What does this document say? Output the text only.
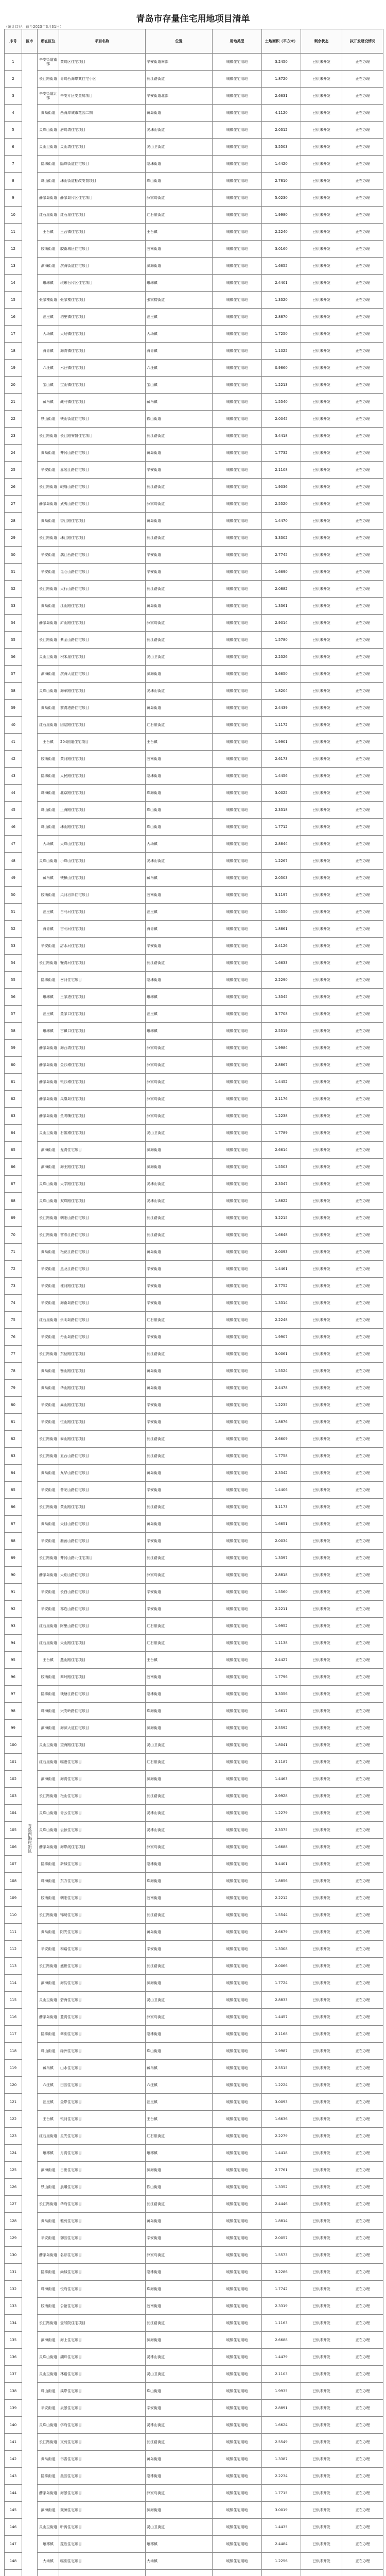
青岛市存量住宅用地项目清单
（统计口径：截至2023年3月31日）
序号	区市	所在区位	项目名称	位置	用地类型	土地面积（平方米）	剩余状态	拟开发建设情况
1	青岛西海岸新区	辛安街道南部	黄岛区住宅项目	辛安街道南部	城镇住宅用地	3.2450	已供未开发	正在办理
2		长江路街道	青岛西海岸某住宅小区	长江路街道	城镇住宅用地	1.8720	已供未开发	正在办理
3		辛安街道北部	辛安片区安置房项目	辛安街道北部	城镇住宅用地	2.6631	已供未开发	正在办理
4		黄岛街道	西海岸城市花园二期	黄岛街道	城镇住宅用地	4.1120	已供未开发	正在办理
5		灵珠山街道	唐岛湾住宅项目	灵珠山街道	城镇住宅用地	2.0312	已供未开发	正在办理
6		灵山卫街道	灵山湾住宅项目	灵山卫街道	城镇住宅用地	3.5503	已供未开发	正在办理
7		隐珠街道	隐珠街道住宅项目	隐珠街道	城镇住宅用地	1.4420	已供未开发	正在办理
8		珠山街道	珠山街道棚改安置项目	珠山街道	城镇住宅用地	2.7810	已供未开发	正在办理
9		薛家岛街道	薛家岛片区住宅项目	薛家岛街道	城镇住宅用地	5.0230	已供未开发	正在办理
10		红石崖街道	红石崖住宅项目	红石崖街道	城镇住宅用地	1.9980	已供未开发	正在办理
11		王台镇	王台镇住宅项目	王台镇	城镇住宅用地	2.2240	已供未开发	正在办理
12		胶南街道	胶南城区住宅项目	胶南街道	城镇住宅用地	3.0160	已供未开发	正在办理
13		滨海街道	滨海街道住宅项目	滨海街道	城镇住宅用地	1.6655	已供未开发	正在办理
14		琅琊镇	琅琊台片区住宅项目	琅琊镇	城镇住宅用地	2.4401	已供未开发	正在办理
15		张家楼街道	张家楼住宅项目	张家楼街道	城镇住宅用地	1.3320	已供未开发	正在办理
16		泊里镇	泊里镇住宅项目	泊里镇	城镇住宅用地	2.8870	已供未开发	正在办理
17		大场镇	大场镇住宅项目	大场镇	城镇住宅用地	1.7250	已供未开发	正在办理
18		海青镇	海青镇住宅项目	海青镇	城镇住宅用地	1.1025	已供未开发	正在办理
19		六汪镇	六汪镇住宅项目	六汪镇	城镇住宅用地	0.9860	已供未开发	正在办理
20		宝山镇	宝山镇住宅项目	宝山镇	城镇住宅用地	1.2213	已供未开发	正在办理
21		藏马镇	藏马镇住宅项目	藏马镇	城镇住宅用地	1.5540	已供未开发	正在办理
22		铁山街道	铁山街道住宅项目	铁山街道	城镇住宅用地	2.0045	已供未开发	正在办理
23		长江路街道	长江路安置住宅项目	长江路街道	城镇住宅用地	3.4418	已供未开发	正在办理
24		黄岛街道	井冈山路住宅项目	黄岛街道	城镇住宅用地	1.7732	已供未开发	正在办理
25		辛安街道	嘉陵江路住宅项目	辛安街道	城镇住宅用地	2.1108	已供未开发	正在办理
26		长江路街道	峨眉山路住宅项目	长江路街道	城镇住宅用地	1.9036	已供未开发	正在办理
27		薛家岛街道	武夷山路住宅项目	薛家岛街道	城镇住宅用地	2.5520	已供未开发	正在办理
28		黄岛街道	香江路住宅项目	黄岛街道	城镇住宅用地	1.4470	已供未开发	正在办理
29		长江路街道	珠江路住宅项目	长江路街道	城镇住宅用地	3.3302	已供未开发	正在办理
30		辛安街道	漓江西路住宅项目	辛安街道	城镇住宅用地	2.7745	已供未开发	正在办理
31		辛安街道	昆仑山路住宅项目	辛安街道	城镇住宅用地	1.6690	已供未开发	正在办理
32		长江路街道	太行山路住宅项目	长江路街道	城镇住宅用地	2.0882	已供未开发	正在办理
33		黄岛街道	江山路住宅项目	黄岛街道	城镇住宅用地	1.3361	已供未开发	正在办理
34		薛家岛街道	庐山路住宅项目	薛家岛街道	城镇住宅用地	2.9014	已供未开发	正在办理
35		长江路街道	紫金山路住宅项目	长江路街道	城镇住宅用地	1.5780	已供未开发	正在办理
36		灵山卫街道	积米崖住宅项目	灵山卫街道	城镇住宅用地	2.2326	已供未开发	正在办理
37		滨海街道	滨海大道住宅项目	滨海街道	城镇住宅用地	3.6650	已供未开发	正在办理
38		灵珠山街道	海军路住宅项目	灵珠山街道	城镇住宅用地	1.8204	已供未开发	正在办理
39		黄岛街道	前湾港路住宅项目	黄岛街道	城镇住宅用地	2.4439	已供未开发	正在办理
40		红石崖街道	团结路住宅项目	红石崖街道	城镇住宅用地	1.1172	已供未开发	正在办理
41		王台镇	204国道住宅项目	王台镇	城镇住宅用地	1.9901	已供未开发	正在办理
42		胶南街道	黄河路住宅项目	胶南街道	城镇住宅用地	2.6173	已供未开发	正在办理
43		隐珠街道	人民路住宅项目	隐珠街道	城镇住宅用地	1.4456	已供未开发	正在办理
44		珠海街道	北京路住宅项目	珠海街道	城镇住宅用地	3.0025	已供未开发	正在办理
45		珠山街道	上海路住宅项目	珠山街道	城镇住宅用地	2.3318	已供未开发	正在办理
46		珠山街道	珠山路住宅项目	珠山街道	城镇住宅用地	1.7712	已供未开发	正在办理
47		大场镇	大珠山住宅项目	大场镇	城镇住宅用地	2.8844	已供未开发	正在办理
48		灵珠山街道	小珠山住宅项目	灵珠山街道	城镇住宅用地	1.2267	已供未开发	正在办理
49		藏马镇	铁橛山住宅项目	藏马镇	城镇住宅用地	2.0503	已供未开发	正在办理
50		胶南街道	风河沿岸住宅项目	胶南街道	城镇住宅用地	3.1197	已供未开发	正在办理
51		泊里镇	白马河住宅项目	泊里镇	城镇住宅用地	1.5550	已供未开发	正在办理
52		海青镇	吉利河住宅项目	海青镇	城镇住宅用地	1.8861	已供未开发	正在办理
53		辛安街道	甜水河住宅项目	辛安街道	城镇住宅用地	2.4126	已供未开发	正在办理
54		长江路街道	镰湾河住宅项目	长江路街道	城镇住宅用地	1.6633	已供未开发	正在办理
55		隐珠街道	岔河住宅项目	隐珠街道	城镇住宅用地	2.2290	已供未开发	正在办理
56		琅琊镇	王家港住宅项目	琅琊镇	城镇住宅用地	1.3345	已供未开发	正在办理
57		泊里镇	董家口住宅项目	泊里镇	城镇住宅用地	3.7708	已供未开发	正在办理
58		琅琊镇	古镇口住宅项目	琅琊镇	城镇住宅用地	2.5519	已供未开发	正在办理
59		薛家岛街道	海西湾住宅项目	薛家岛街道	城镇住宅用地	1.9984	已供未开发	正在办理
60		薛家岛街道	金沙滩住宅项目	薛家岛街道	城镇住宅用地	2.8867	已供未开发	正在办理
61		薛家岛街道	银沙滩住宅项目	薛家岛街道	城镇住宅用地	1.4452	已供未开发	正在办理
62		薛家岛街道	凤凰岛住宅项目	薛家岛街道	城镇住宅用地	2.1176	已供未开发	正在办理
63		薛家岛街道	鱼鸣嘴住宅项目	薛家岛街道	城镇住宅用地	1.2238	已供未开发	正在办理
64		灵山卫街道	石雀滩住宅项目	灵山卫街道	城镇住宅用地	1.7789	已供未开发	正在办理
65		滨海街道	龙湾住宅项目	滨海街道	城镇住宅用地	2.6614	已供未开发	正在办理
66		滨海街道	海王路住宅项目	滨海街道	城镇住宅用地	1.5503	已供未开发	正在办理
67		灵珠山街道	大学路住宅项目	灵珠山街道	城镇住宅用地	2.3347	已供未开发	正在办理
68		灵珠山街道	双珠路住宅项目	灵珠山街道	城镇住宅用地	1.8822	已供未开发	正在办理
69		长江路街道	朝阳山路住宅项目	长江路街道	城镇住宅用地	3.2215	已供未开发	正在办理
70		长江路街道	富春江路住宅项目	长江路街道	城镇住宅用地	1.6648	已供未开发	正在办理
71		黄岛街道	松花江路住宅项目	黄岛街道	城镇住宅用地	2.0093	已供未开发	正在办理
72		辛安街道	黑龙江路住宅项目	辛安街道	城镇住宅用地	1.4461	已供未开发	正在办理
73		辛安街道	淮河路住宅项目	辛安街道	城镇住宅用地	2.7752	已供未开发	正在办理
74		辛安街道	海南岛路住宅项目	辛安街道	城镇住宅用地	1.3314	已供未开发	正在办理
75		红石崖街道	崇明岛路住宅项目	红石崖街道	城镇住宅用地	2.2248	已供未开发	正在办理
76		辛安街道	舟山岛路住宅项目	辛安街道	城镇住宅用地	1.9907	已供未开发	正在办理
77		长江路街道	东岳路住宅项目	长江路街道	城镇住宅用地	3.0061	已供未开发	正在办理
78		黄岛街道	衡山路住宅项目	黄岛街道	城镇住宅用地	1.5524	已供未开发	正在办理
79		黄岛街道	华山路住宅项目	黄岛街道	城镇住宅用地	2.4478	已供未开发	正在办理
80		辛安街道	嵩山路住宅项目	辛安街道	城镇住宅用地	1.2235	已供未开发	正在办理
81		辛安街道	恒山路住宅项目	辛安街道	城镇住宅用地	1.8876	已供未开发	正在办理
82		长江路街道	泰山路住宅项目	长江路街道	城镇住宅用地	2.6609	已供未开发	正在办理
83		长江路街道	五台山路住宅项目	长江路街道	城镇住宅用地	1.7758	已供未开发	正在办理
84		黄岛街道	九华山路住宅项目	黄岛街道	城镇住宅用地	2.3342	已供未开发	正在办理
85		辛安街道	普陀山路住宅项目	辛安街道	城镇住宅用地	1.4406	已供未开发	正在办理
86		长江路街道	黄山路住宅项目	长江路街道	城镇住宅用地	3.1173	已供未开发	正在办理
87		黄岛街道	天目山路住宅项目	黄岛街道	城镇住宅用地	1.6651	已供未开发	正在办理
88		辛安街道	雁荡山路住宅项目	辛安街道	城镇住宅用地	2.0034	已供未开发	正在办理
89		长江路街道	井冈山路北住宅项目	长江路街道	城镇住宅用地	1.3397	已供未开发	正在办理
90		薛家岛街道	大别山路住宅项目	薛家岛街道	城镇住宅用地	2.8818	已供未开发	正在办理
91		辛安街道	长白山路住宅项目	辛安街道	城镇住宅用地	1.5560	已供未开发	正在办理
92		辛安街道	祁连山路住宅项目	辛安街道	城镇住宅用地	2.2211	已供未开发	正在办理
93		红石崖街道	阿里山路住宅项目	红石崖街道	城镇住宅用地	1.9952	已供未开发	正在办理
94		红石崖街道	天山路住宅项目	红石崖街道	城镇住宅用地	1.1138	已供未开发	正在办理
95		王台镇	燕山路住宅项目	王台镇	城镇住宅用地	2.4427	已供未开发	正在办理
96		胶南街道	秦岭路住宅项目	胶南街道	城镇住宅用地	1.7796	已供未开发	正在办理
97		隐珠街道	钱塘江路住宅项目	隐珠街道	城镇住宅用地	3.3356	已供未开发	正在办理
98		珠海街道	兴安岭路住宅项目	珠海街道	城镇住宅用地	1.6617	已供未开发	正在办理
99		滨海街道	海滨大道住宅项目	滨海街道	城镇住宅用地	2.5592	已供未开发	正在办理
100		灵山卫街道	望海路住宅项目	灵山卫街道	城镇住宅用地	1.8041	已供未开发	正在办理
101		红石崖街道	临港住宅项目	红石崖街道	城镇住宅用地	2.1187	已供未开发	正在办理
102		滨海街道	海湾住宅项目	滨海街道	城镇住宅用地	1.4463	已供未开发	正在办理
103		长江路街道	松山住宅项目	长江路街道	城镇住宅用地	2.9928	已供未开发	正在办理
104		灵珠山街道	青云住宅项目	灵珠山街道	城镇住宅用地	1.2279	已供未开发	正在办理
105		灵珠山街道	云顶住宅项目	灵珠山街道	城镇住宅用地	2.3375	已供未开发	正在办理
106		薛家岛街道	海岸线住宅项目	薛家岛街道	城镇住宅用地	1.6688	已供未开发	正在办理
107		隐珠街道	新城住宅项目	隐珠街道	城镇住宅用地	3.4401	已供未开发	正在办理
108		珠海街道	东方住宅项目	珠海街道	城镇住宅用地	1.8856	已供未开发	正在办理
109		胶南街道	朝阳住宅项目	胶南街道	城镇住宅用地	2.2212	已供未开发	正在办理
110		长江路街道	锦绣住宅项目	长江路街道	城镇住宅用地	1.5544	已供未开发	正在办理
111		黄岛街道	阳光住宅项目	黄岛街道	城镇住宅用地	2.6679	已供未开发	正在办理
112		辛安街道	和谐住宅项目	辛安街道	城镇住宅用地	1.3308	已供未开发	正在办理
113		长江路街道	盛世住宅项目	长江路街道	城镇住宅用地	2.0066	已供未开发	正在办理
114		滨海街道	海韵住宅项目	滨海街道	城镇住宅用地	1.7724	已供未开发	正在办理
115		灵山卫街道	碧海住宅项目	灵山卫街道	城镇住宅用地	2.8833	已供未开发	正在办理
116		薛家岛街道	蓝湾住宅项目	薛家岛街道	城镇住宅用地	1.4457	已供未开发	正在办理
117		隐珠街道	翠湖住宅项目	隐珠街道	城镇住宅用地	2.1168	已供未开发	正在办理
118		珠山街道	绿洲住宅项目	珠山街道	城镇住宅用地	1.9987	已供未开发	正在办理
119		藏马镇	山水住宅项目	藏马镇	城镇住宅用地	2.5515	已供未开发	正在办理
120		六汪镇	田园住宅项目	六汪镇	城镇住宅用地	1.2224	已供未开发	正在办理
121		泊里镇	金岸住宅项目	泊里镇	城镇住宅用地	3.0093	已供未开发	正在办理
122		王台镇	银河住宅项目	王台镇	城镇住宅用地	1.6636	已供未开发	正在办理
123		红石崖街道	星光住宅项目	红石崖街道	城镇住宅用地	2.2279	已供未开发	正在办理
124		琅琊镇	月湾住宅项目	琅琊镇	城镇住宅用地	1.4418	已供未开发	正在办理
125		滨海街道	日出住宅项目	滨海街道	城镇住宅用地	2.7761	已供未开发	正在办理
126		铁山街道	晨曦住宅项目	铁山街道	城镇住宅用地	1.3352	已供未开发	正在办理
127		长江路街道	华府住宅项目	长江路街道	城镇住宅用地	2.4446	已供未开发	正在办理
128		黄岛街道	雅苑住宅项目	黄岛街道	城镇住宅用地	1.8814	已供未开发	正在办理
129		辛安街道	御园住宅项目	辛安街道	城镇住宅用地	2.0057	已供未开发	正在办理
130		薛家岛街道	名邸住宅项目	薛家岛街道	城镇住宅用地	1.5573	已供未开发	正在办理
131		隐珠街道	尚城住宅项目	隐珠街道	城镇住宅用地	3.2286	已供未开发	正在办理
132		珠海街道	悦府住宅项目	珠海街道	城镇住宅用地	1.7742	已供未开发	正在办理
133		胶南街道	公馆住宅项目	胶南街道	城镇住宅用地	2.3319	已供未开发	正在办理
134		长江路街道	壹号院住宅项目	长江路街道	城镇住宅用地	1.1163	已供未开发	正在办理
135		滨海街道	海上住宅项目	滨海街道	城镇住宅用地	2.6688	已供未开发	正在办理
136		灵珠山街道	湖畔住宅项目	灵珠山街道	城镇住宅用地	1.4479	已供未开发	正在办理
137		灵山卫街道	林语住宅项目	灵山卫街道	城镇住宅用地	2.1103	已供未开发	正在办理
138		珠山街道	溪岸住宅项目	珠山街道	城镇住宅用地	1.9935	已供未开发	正在办理
139		辛安街道	泉景住宅项目	辛安街道	城镇住宅用地	2.8891	已供未开发	正在办理
140		灵珠山街道	学府住宅项目	灵珠山街道	城镇住宅用地	1.6624	已供未开发	正在办理
141		长江路街道	文苑住宅项目	长江路街道	城镇住宅用地	2.5549	已供未开发	正在办理
142		黄岛街道	书香住宅项目	黄岛街道	城镇住宅用地	1.3387	已供未开发	正在办理
143		隐珠街道	墨园住宅项目	隐珠街道	城镇住宅用地	2.2234	已供未开发	正在办理
144		薛家岛街道	海景住宅项目	薛家岛街道	城镇住宅用地	1.7715	已供未开发	正在办理
145		滨海街道	观澜住宅项目	滨海街道	城镇住宅用地	3.0019	已供未开发	正在办理
146		灵山卫街道	听涛住宅项目	灵山卫街道	城镇住宅用地	1.4435	已供未开发	正在办理
147		琅琊镇	揽胜住宅项目	琅琊镇	城镇住宅用地	2.4484	已供未开发	正在办理
148		大场镇	临湖住宅项目	大场镇	城镇住宅用地	1.2256	已供未开发	正在办理
